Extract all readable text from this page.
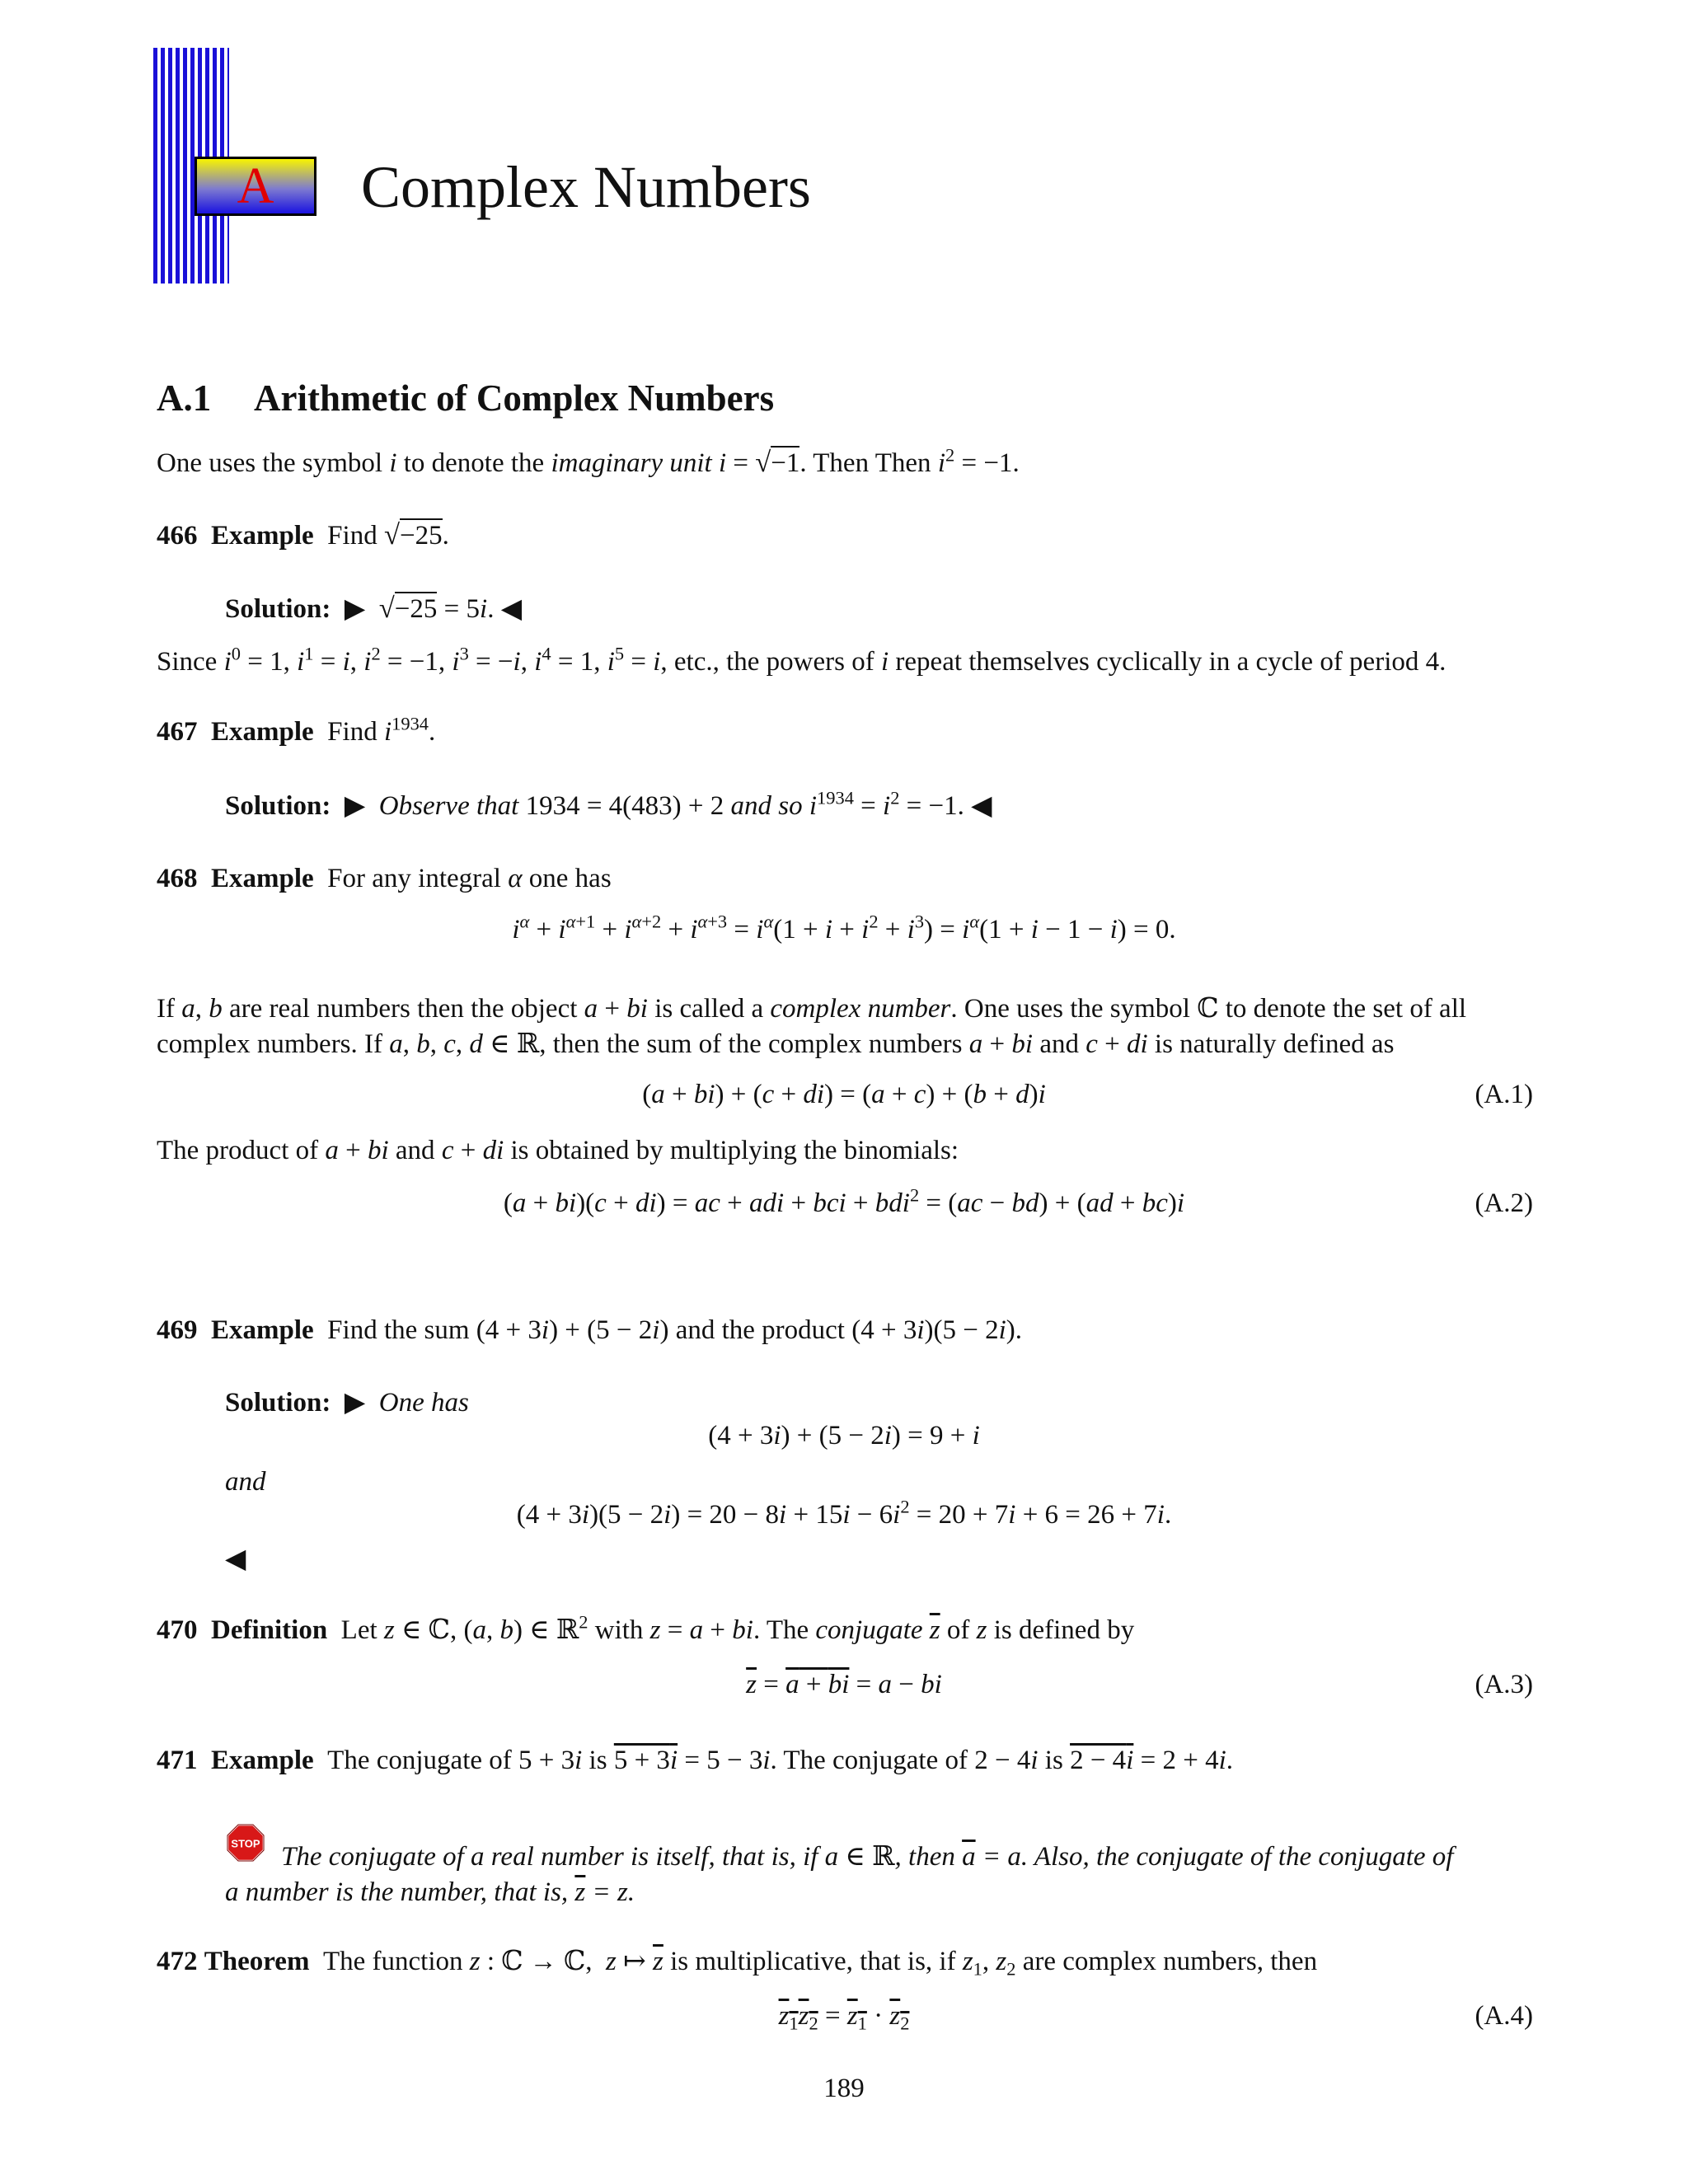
A	Complex Numbers
A.1 Arithmetic of Complex Numbers
One uses the symbol i to denote the imaginary unit i = √−1. Then Then $i^2 = -1$.
466 Example Find √−25.
Solution:  ▶  √−25 = 5i. ◀
Since $i^0 = 1$, $i^1 = i$, $i^2 = -1$, $i^3 = -i$, $i^4 = 1$, $i^5 = i$, etc., the powers of i repeat themselves cyclically in a cycle of period 4.
467 Example Find $i^{1934}$.
Solution:  ▶  Observe that 1934 = 4(483) + 2 and so $i^{1934} = i^2 = -1$. ◀
468 Example For any integral α one has
$i^\alpha + i^{\alpha+1} + i^{\alpha+2} + i^{\alpha+3} = i^\alpha(1 + i + i^2 + i^3) = i^\alpha(1 + i - 1 - i) = 0$.
If a, b are real numbers then the object a + bi is called a complex number. One uses the symbol ℂ to denote the set of all
complex numbers. If a, b, c, d ∈ ℝ, then the sum of the complex numbers a + bi and c + di is naturally defined as
(a + bi) + (c + di) = (a + c) + (b + d)i	(A.1)
The product of a + bi and c + di is obtained by multiplying the binomials:
(a + bi)(c + di) = ac + adi + bci + bdi$^2$ = (ac − bd) + (ad + bc)i	(A.2)
469 Example Find the sum (4 + 3i) + (5 − 2i) and the product (4 + 3i)(5 − 2i).
Solution:  ▶  One has
(4 + 3i) + (5 − 2i) = 9 + i
and
$(4 + 3i)(5 - 2i) = 20 - 8i + 15i - 6i^2 = 20 + 7i + 6 = 26 + 7i$.
◀
470 Definition Let z ∈ ℂ, (a, b) ∈ ℝ$^2$ with z = a + bi. The conjugate $\overline{z}$ of z is defined by
$\overline{z} = a$ + bi = a − bi	(A.3)
471 Example The conjugate of 5 + 3i is 5 + 3i = 5 − 3i. The conjugate of 2 − 4i is 2 − 4i = 2 + 4i.
STOP The conjugate of a real number is itself, that is, if a ∈ ℝ, then $\overline{a} = a$. Also, the conjugate of the conjugate of
a number is the number, that is, z = z.
472 Theorem The function z : ℂ → ℂ,  z ↦ $\overline{z}$ is multiplicative, that is, if $z_1$, $z_2$ are complex numbers, then
$z_1z_2 = z_1 \cdot z_2$	(A.4)
189
